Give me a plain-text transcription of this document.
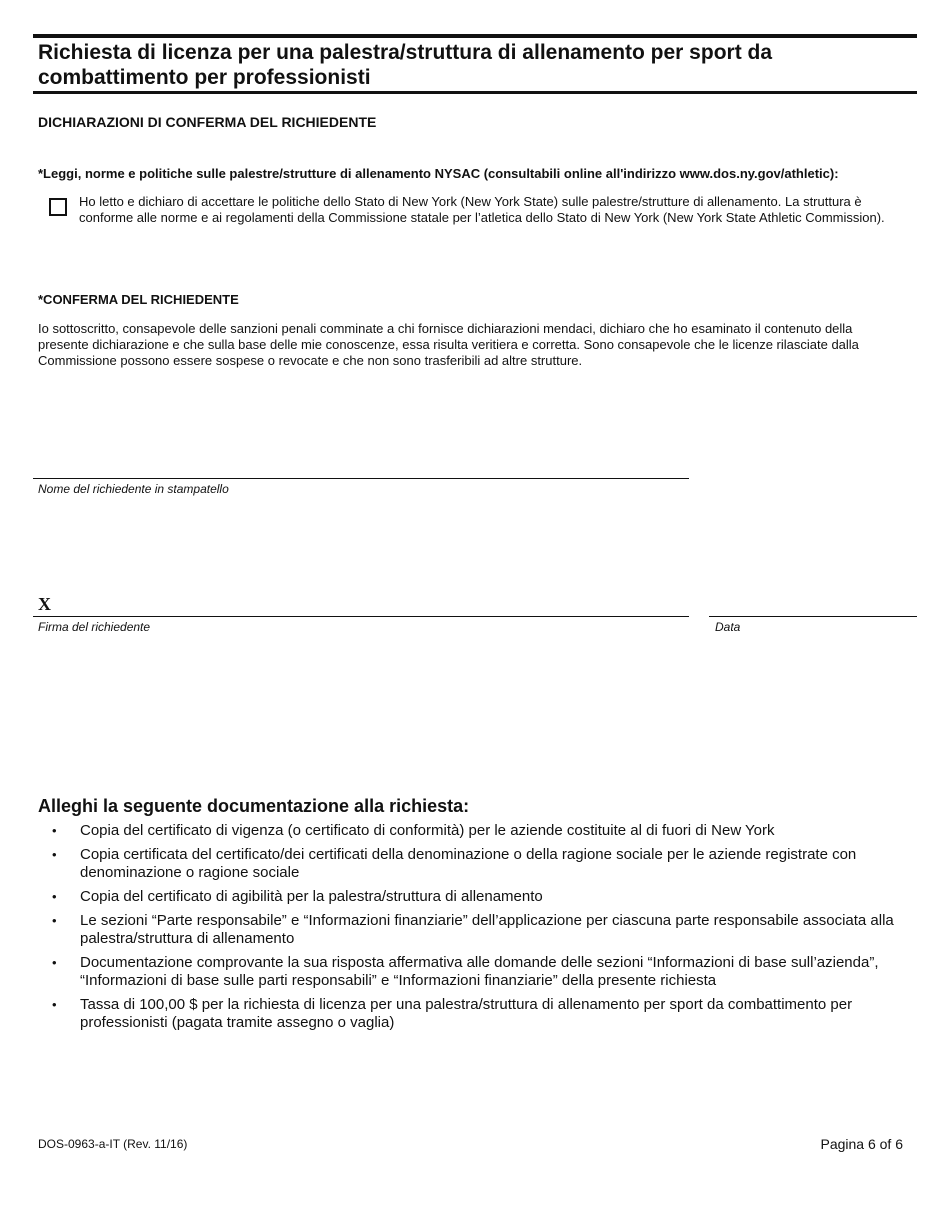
Richiesta di licenza per una palestra/struttura di allenamento per sport da combattimento per professionisti
DICHIARAZIONI DI CONFERMA DEL RICHIEDENTE
*Leggi, norme e politiche sulle palestre/strutture di allenamento NYSAC (consultabili online all'indirizzo www.dos.ny.gov/athletic):
Ho letto e dichiaro di accettare le politiche dello Stato di New York (New York State) sulle palestre/strutture di allenamento. La struttura è conforme alle norme e ai regolamenti della Commissione statale per l’atletica dello Stato di New York (New York State Athletic Commission).
*CONFERMA DEL RICHIEDENTE
Io sottoscritto, consapevole delle sanzioni penali comminate a chi fornisce dichiarazioni mendaci, dichiaro che ho esaminato il contenuto della presente dichiarazione e che sulla base delle mie conoscenze, essa risulta veritiera e corretta. Sono consapevole che le licenze rilasciate dalla Commissione possono essere sospese o revocate e che non sono trasferibili ad altre strutture.
Nome del richiedente in stampatello
X
Firma del richiedente	Data
Alleghi la seguente documentazione alla richiesta:
• Copia del certificato di vigenza (o certificato di conformità) per le aziende costituite al di fuori di New York
• Copia certificata del certificato/dei certificati della denominazione o della ragione sociale per le aziende registrate con denominazione o ragione sociale
• Copia del certificato di agibilità per la palestra/struttura di allenamento
• Le sezioni “Parte responsabile” e “Informazioni finanziarie” dell’applicazione per ciascuna parte responsabile associata alla palestra/struttura di allenamento
• Documentazione comprovante la sua risposta affermativa alle domande delle sezioni “Informazioni di base sull’azienda”, “Informazioni di base sulle parti responsabili” e “Informazioni finanziarie” della presente richiesta
• Tassa di 100,00 $ per la richiesta di licenza per una palestra/struttura di allenamento per sport da combattimento per professionisti (pagata tramite assegno o vaglia)
DOS-0963-a-IT (Rev. 11/16)	Pagina 6 of 6
